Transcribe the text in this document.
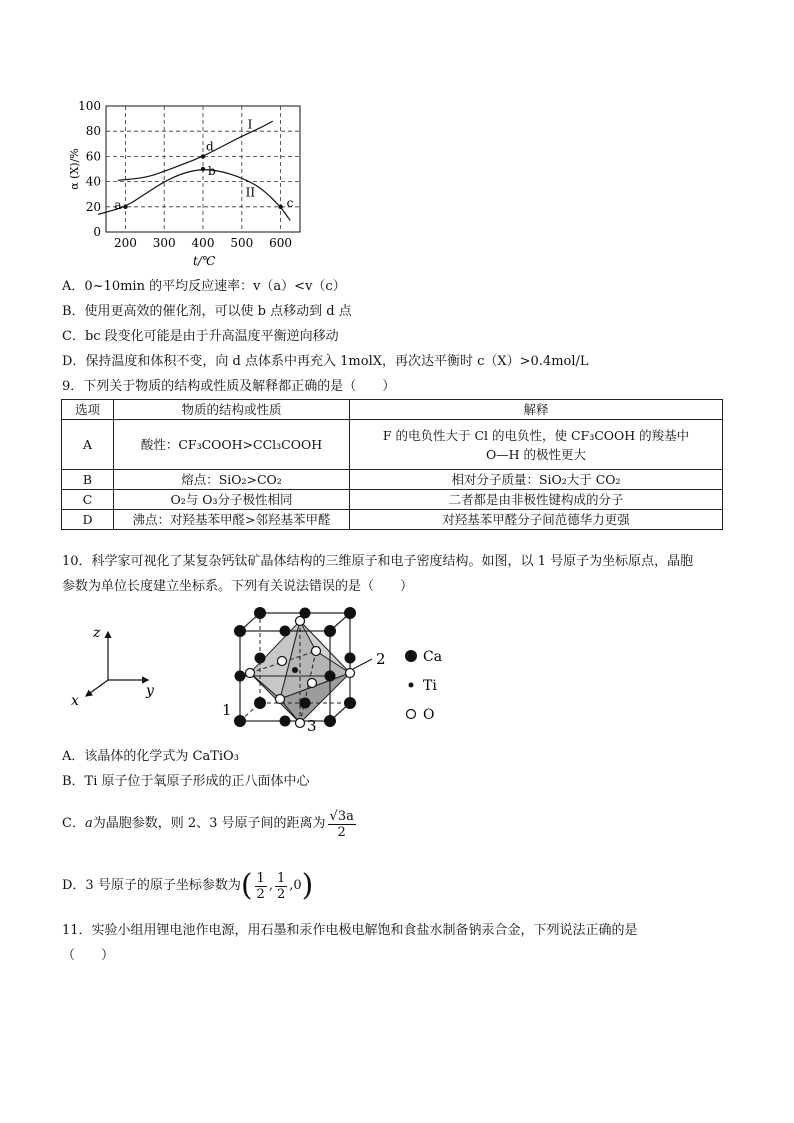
0
20
40
60
80
100
200 300 400 500 600
I
II
a
b
c
d
α (X)/%
t/℃
A．0~10min 的平均反应速率：v（a）<v（c）
B．使用更高效的催化剂，可以使 b 点移动到 d 点
C．bc 段变化可能是由于升高温度平衡逆向移动
D．保持温度和体积不变，向 d 点体系中再充入 1molX，再次达平衡时 c（X）>0.4mol/L
9．下列关于物质的结构或性质及解释都正确的是（　　）
选项	物质的结构或性质	解释
A	酸性：CF₃COOH>CCl₃COOH	F 的电负性大于 Cl 的电负性，使 CF₃COOH 的羧基中
O—H 的极性更大

B	熔点：SiO₂>CO₂	相对分子质量：SiO₂大于 CO₂
C	O₂与 O₃分子极性相同	二者都是由非极性键构成的分子
D	沸点：对羟基苯甲醛>邻羟基苯甲醛	对羟基苯甲醛分子间范德华力更强
10．科学家可视化了某复杂钙钛矿晶体结构的三维原子和电子密度结构。如图，以 1 号原子为坐标原点，晶胞
参数为单位长度建立坐标系。下列有关说法错误的是（　　）
z
y
x
2
1
3
Ca
Ti
O
A．该晶体的化学式为 CaTiO₃
B．Ti 原子位于氧原子形成的正八面体中心
C． a 为晶胞参数，则 2、3 号原子间的距离为 $\frac{√3a}{2}$
D．3 号原子的原子坐标参数为 ( $\frac{1}{2}$ , $\frac{1}{2}$ , 0 )
11．实验小组用锂电池作电源，用石墨和汞作电极电解饱和食盐水制备钠汞合金，下列说法正确的是
（　　）
